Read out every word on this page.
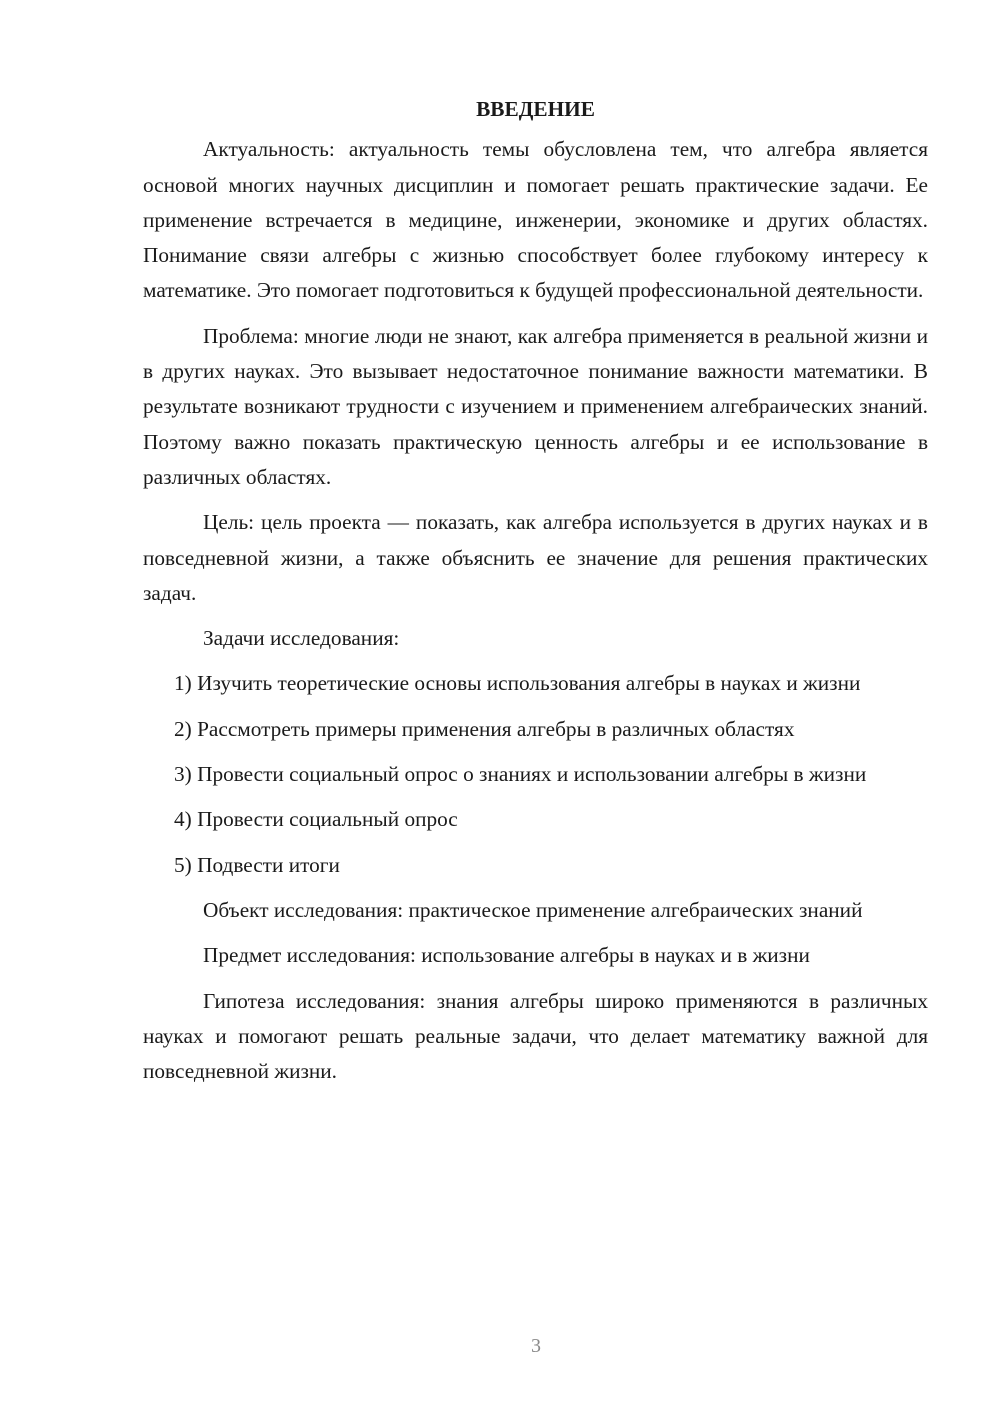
ВВЕДЕНИЕ

Актуальность: актуальность темы обусловлена тем, что алгебра является основой многих научных дисциплин и помогает решать практические задачи. Ее применение встречается в медицине, инженерии, экономике и других областях. Понимание связи алгебры с жизнью способствует более глубокому интересу к математике. Это помогает подготовиться к будущей профессиональной деятельности.

Проблема: многие люди не знают, как алгебра применяется в реальной жизни и в других науках. Это вызывает недостаточное понимание важности математики. В результате возникают трудности с изучением и применением алгебраических знаний. Поэтому важно показать практическую ценность алгебры и ее использование в различных областях.

Цель: цель проекта — показать, как алгебра используется в других науках и в повседневной жизни, а также объяснить ее значение для решения практических задач.

Задачи исследования:

1) Изучить теоретические основы использования алгебры в науках и жизни

2) Рассмотреть примеры применения алгебры в различных областях

3) Провести социальный опрос о знаниях и использовании алгебры в жизни

4) Провести социальный опрос

5) Подвести итоги

Объект исследования: практическое применение алгебраических знаний

Предмет исследования: использование алгебры в науках и в жизни

Гипотеза исследования: знания алгебры широко применяются в различных науках и помогают решать реальные задачи, что делает математику важной для повседневной жизни.

3
